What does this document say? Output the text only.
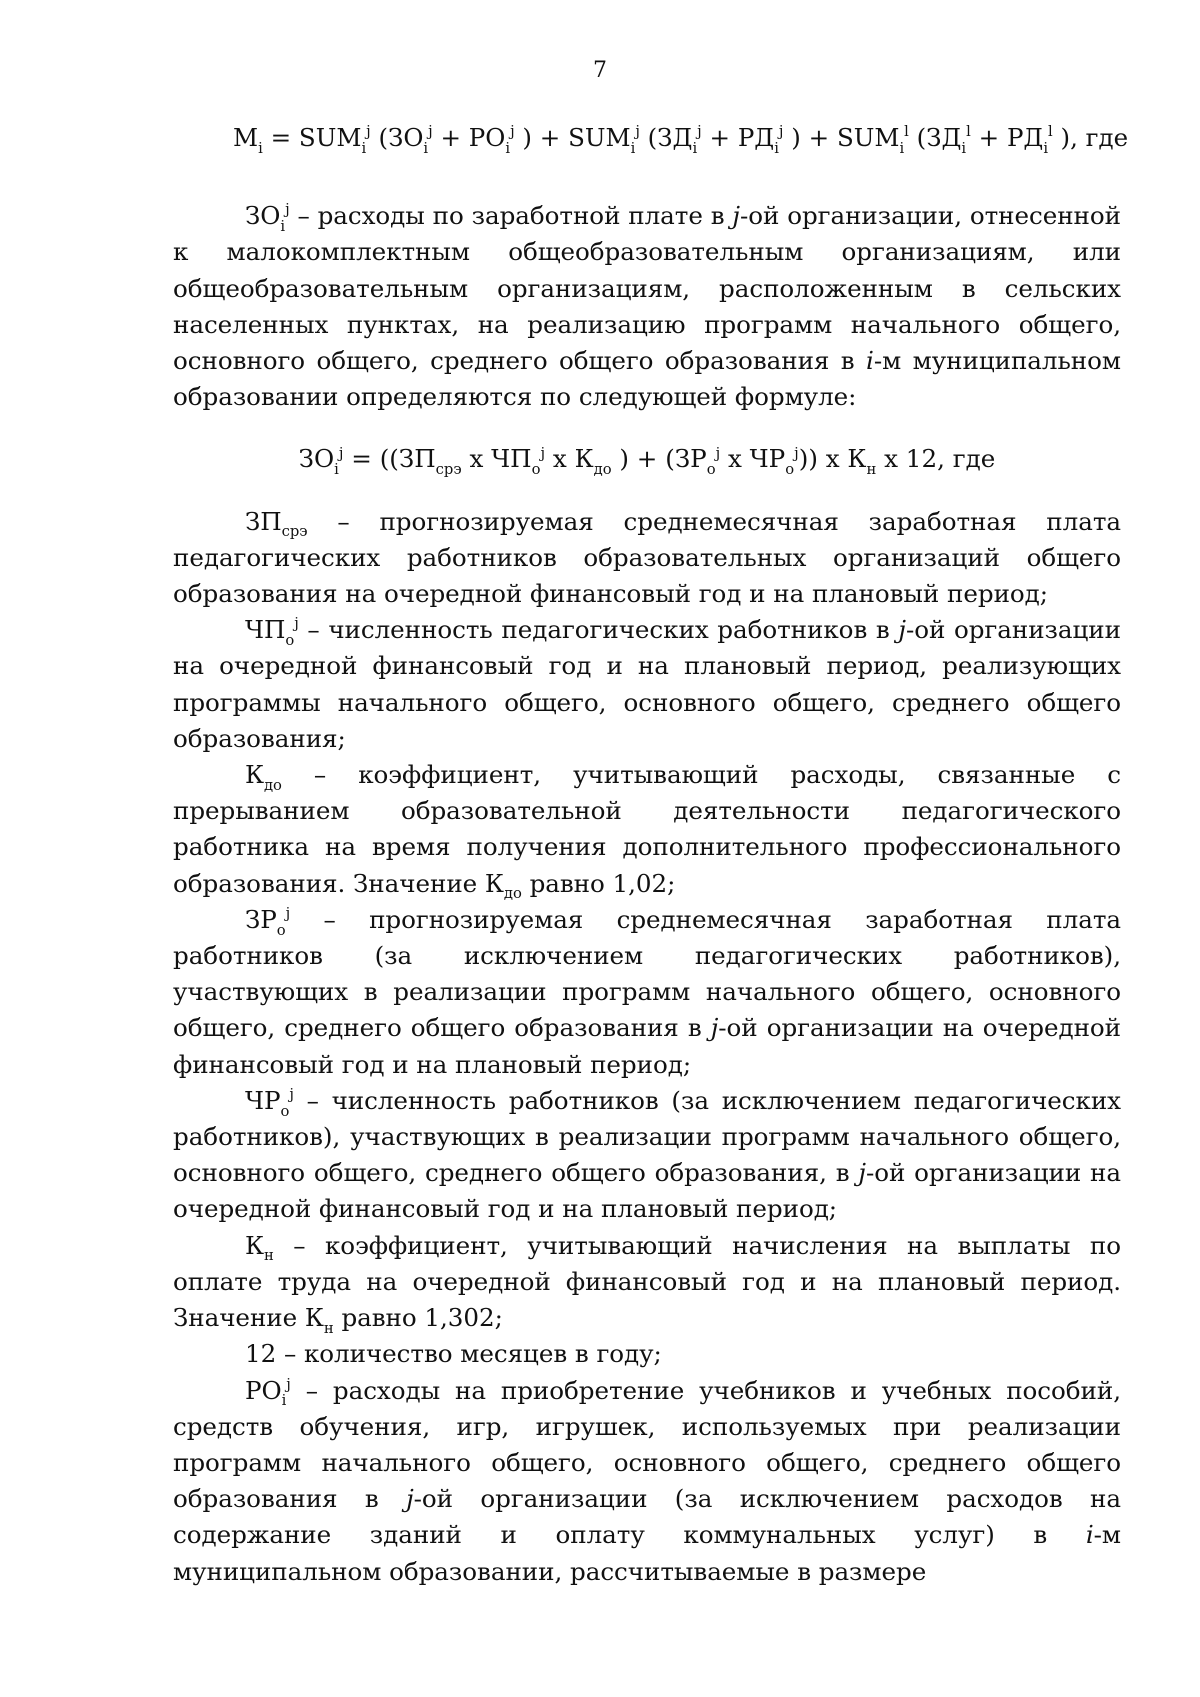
7

$M_i = SUM_i^j$ ($ЗО_i^j + РО_i^j$ ) + $SUM_i^j$ ($ЗД_i^j + РД_i^j$ ) + $SUM_i^l$ ($ЗД_i^l + РД_i^l$ ), где

$ЗО_i^j$ – расходы по заработной плате в j-ой организации, отнесенной к малокомплектным общеобразовательным организациям, или общеобразовательным организациям, расположенным в сельских населенных пунктах, на реализацию программ начального общего, основного общего, среднего общего образования в i-м муниципальном образовании определяются по следующей формуле:

$ЗО_i^j = ((ЗП_{срэ}$ x $ЧП_о^j$ x $К_{до}$ ) + ($ЗР_о^j$ x $ЧР_о^j$)) x $К_н$ x 12, где

$ЗП_{срэ}$ – прогнозируемая среднемесячная заработная плата педагогических работников образовательных организаций общего образования на очередной финансовый год и на плановый период;

$ЧП_о^j$ – численность педагогических работников в j-ой организации на очередной финансовый год и на плановый период, реализующих программы начального общего, основного общего, среднего общего образования;

$К_{до}$ – коэффициент, учитывающий расходы, связанные с прерыванием образовательной деятельности педагогического работника на время получения дополнительного профессионального образования. Значение $К_{до}$ равно 1,02;

$ЗР_о^j$ – прогнозируемая среднемесячная заработная плата работников (за исключением педагогических работников), участвующих в реализации программ начального общего, основного общего, среднего общего образования в j-ой организации на очередной финансовый год и на плановый период;

$ЧР_о^j$ – численность работников (за исключением педагогических работников), участвующих в реализации программ начального общего, основного общего, среднего общего образования, в j-ой организации на очередной финансовый год и на плановый период;

$К_н$ – коэффициент, учитывающий начисления на выплаты по оплате труда на очередной финансовый год и на плановый период. Значение $К_н$ равно 1,302;

12 – количество месяцев в году;

$РО_i^j$ – расходы на приобретение учебников и учебных пособий, средств обучения, игр, игрушек, используемых при реализации программ начального общего, основного общего, среднего общего образования в j-ой организации (за исключением расходов на содержание зданий и оплату коммунальных услуг) в i-м муниципальном образовании, рассчитываемые в размере
